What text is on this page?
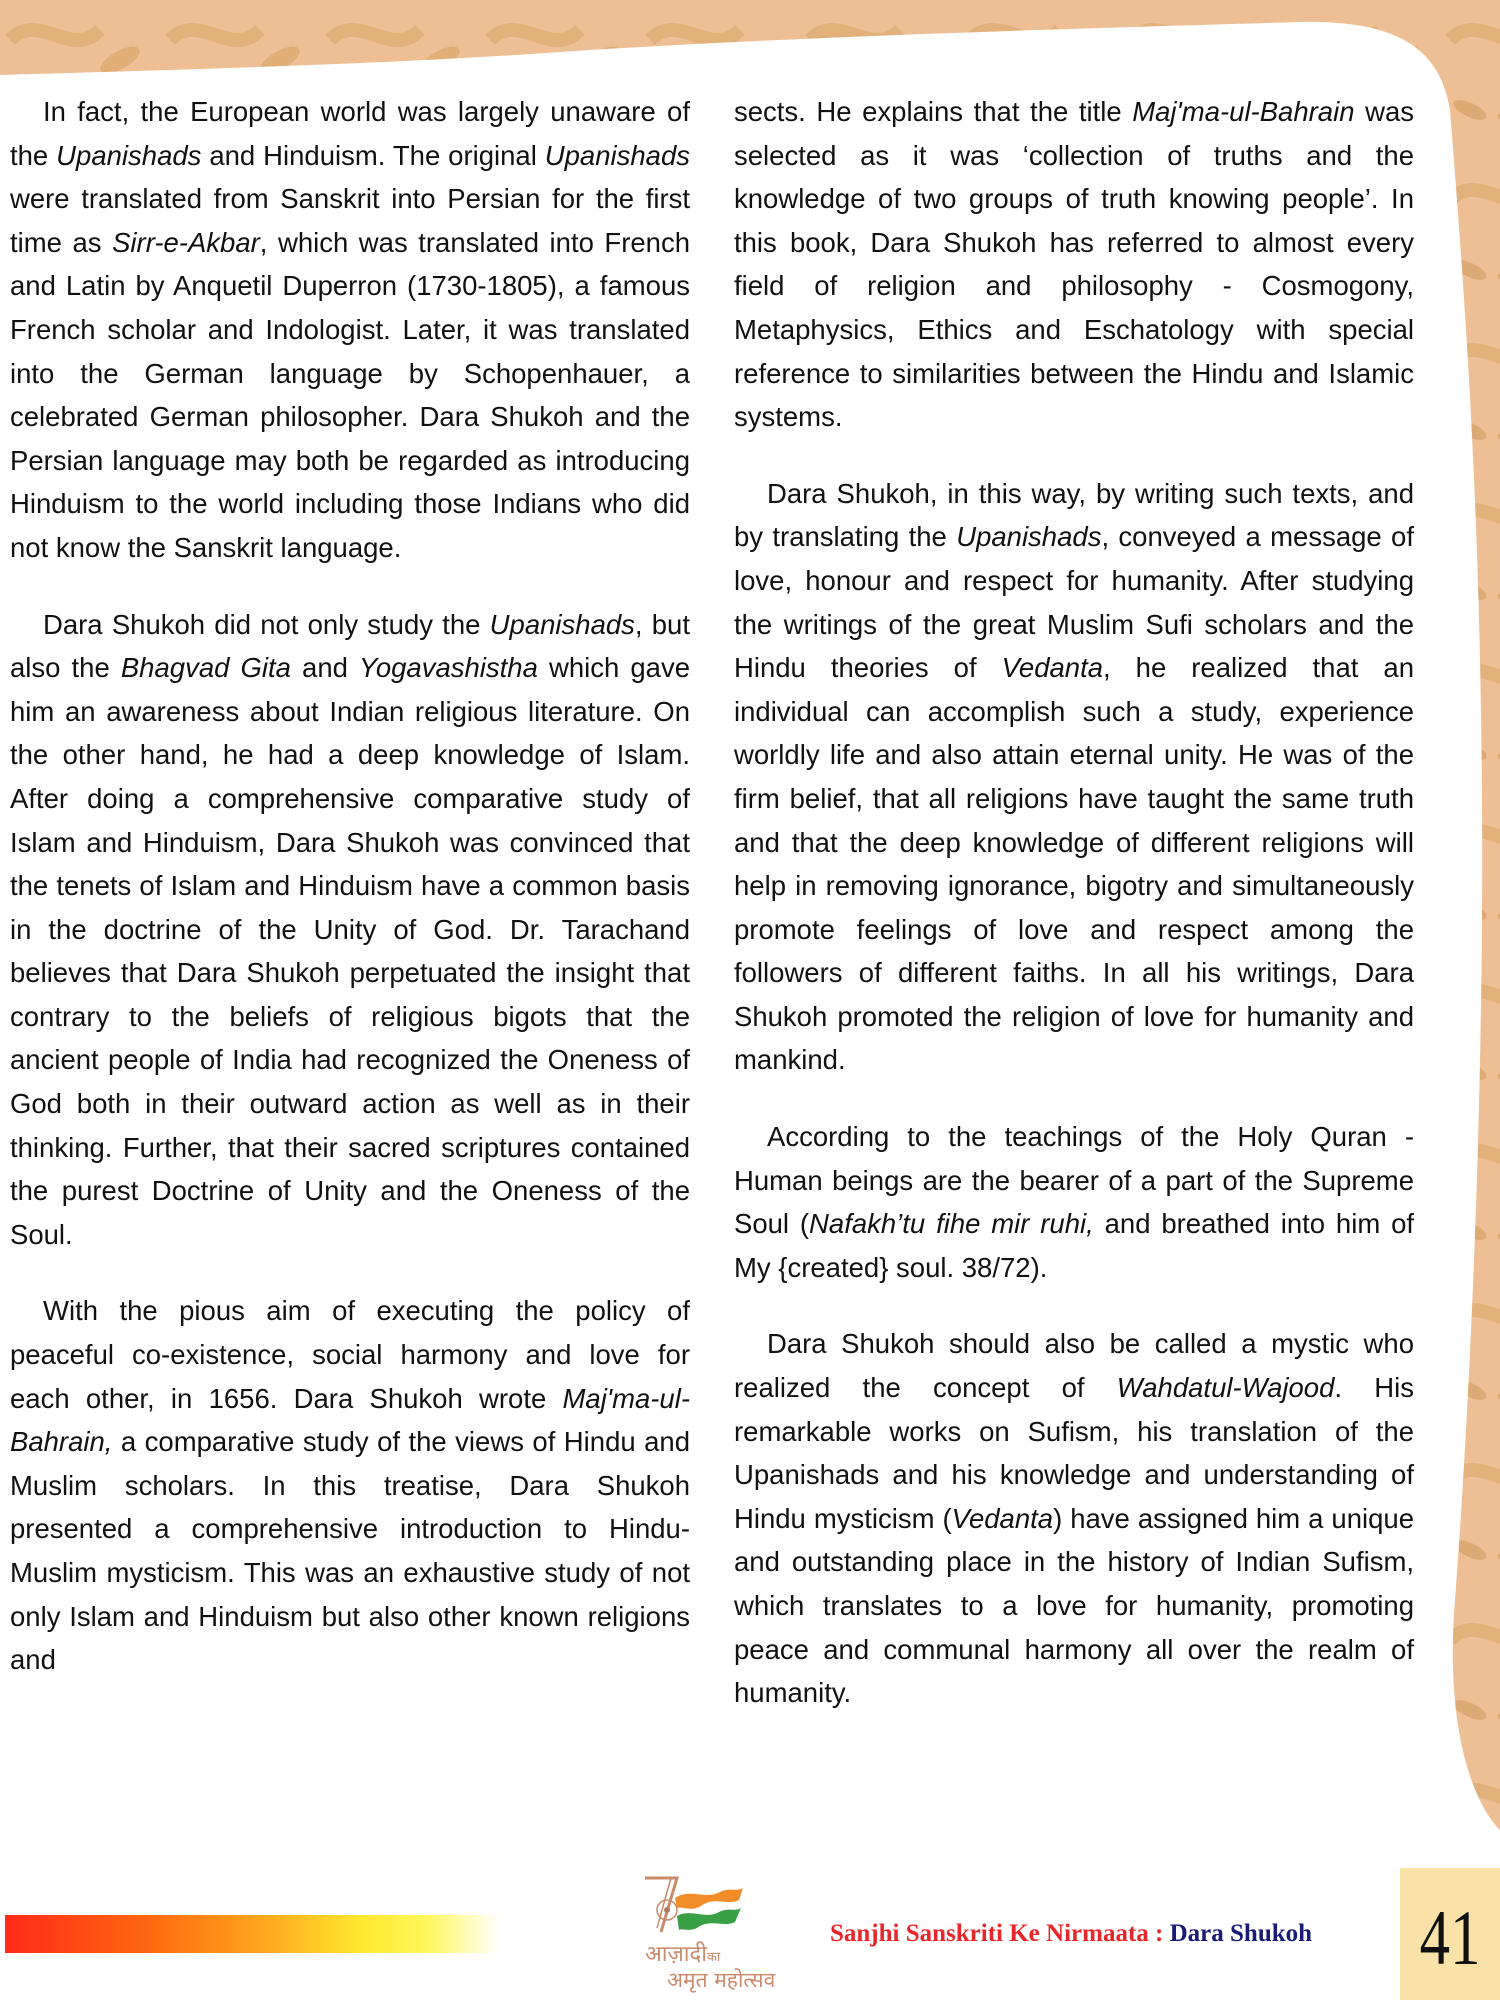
In fact, the European world was largely unaware of the Upanishads and Hinduism. The original Upanishads were translated from Sanskrit into Persian for the first time as Sirr-e-Akbar, which was translated into French and Latin by Anquetil Duperron (1730-1805), a famous French scholar and Indologist. Later, it was translated into the German language by Schopenhauer, a celebrated German philosopher. Dara Shukoh and the Persian language may both be regarded as introducing Hinduism to the world including those Indians who did not know the Sanskrit language.

Dara Shukoh did not only study the Upanishads, but also the Bhagvad Gita and Yogavashistha which gave him an awareness about Indian religious literature. On the other hand, he had a deep knowledge of Islam. After doing a comprehensive comparative study of Islam and Hinduism, Dara Shukoh was convinced that the tenets of Islam and Hinduism have a common basis in the doctrine of the Unity of God. Dr. Tarachand believes that Dara Shukoh perpetuated the insight that contrary to the beliefs of religious bigots that the ancient people of India had recognized the Oneness of God both in their outward action as well as in their thinking. Further, that their sacred scriptures contained the purest Doctrine of Unity and the Oneness of the Soul.

With the pious aim of executing the policy of peaceful co-existence, social harmony and love for each other, in 1656. Dara Shukoh wrote Maj'ma-ul-Bahrain, a comparative study of the views of Hindu and Muslim scholars. In this treatise, Dara Shukoh presented a comprehensive introduction to Hindu-Muslim mysticism. This was an exhaustive study of not only Islam and Hinduism but also other known religions and

sects. He explains that the title Maj'ma-ul-Bahrain was selected as it was ‘collection of truths and the knowledge of two groups of truth knowing people’. In this book, Dara Shukoh has referred to almost every field of religion and philosophy - Cosmogony, Metaphysics, Ethics and Eschatology with special reference to similarities between the Hindu and Islamic systems.

Dara Shukoh, in this way, by writing such texts, and by translating the Upanishads, conveyed a message of love, honour and respect for humanity. After studying the writings of the great Muslim Sufi scholars and the Hindu theories of Vedanta, he realized that an individual can accomplish such a study, experience worldly life and also attain eternal unity. He was of the firm belief, that all religions have taught the same truth and that the deep knowledge of different religions will help in removing ignorance, bigotry and simultaneously promote feelings of love and respect among the followers of different faiths. In all his writings, Dara Shukoh promoted the religion of love for humanity and mankind.

According to the teachings of the Holy Quran - Human beings are the bearer of a part of the Supreme Soul (Nafakh’tu fihe mir ruhi, and breathed into him of My {created} soul. 38/72).

Dara Shukoh should also be called a mystic who realized the concept of Wahdatul-Wajood. His remarkable works on Sufism, his translation of the Upanishads and his knowledge and understanding of Hindu mysticism (Vedanta) have assigned him a unique and outstanding place in the history of Indian Sufism, which translates to a love for humanity, promoting peace and communal harmony all over the realm of humanity.

आज़ादीका
अमृत महोत्सव
Sanjhi Sanskriti Ke Nirmaata : Dara Shukoh 41
